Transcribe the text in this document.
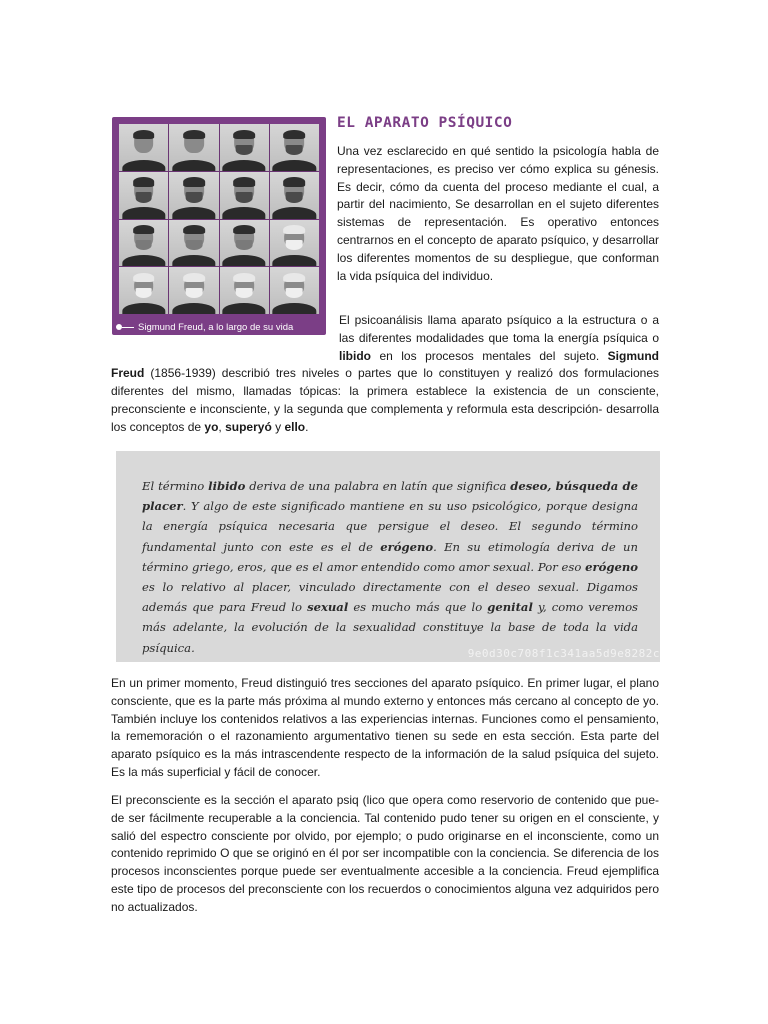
Sigmund Freud, a lo largo de su vida
EL APARATO PSÍQUICO

Una vez esclarecido en qué sentido la psicología habla de representaciones, es preciso ver cómo explica su génesis. Es decir, cómo da cuenta del proceso mediante el cual, a partir del nacimiento, Se desarrollan en el sujeto diferentes sistemas de representación. Es operativo entonces centrarnos en el concepto de aparato psíquico, y desarrollar los diferentes momentos de su despliegue, que conforman la vida psíquica del individuo.

El psicoanálisis llama aparato psíquico a la estructura o a las diferentes modalidades que toma la energía psíquica o libido en los procesos mentales del sujeto. Sigmund Freud (1856-1939) describió tres niveles o partes que lo constituyen y realizó dos formulaciones diferentes del mismo, llamadas tópicas: la primera establece la existencia de un consciente, preconsciente e inconsciente, y la segunda que complementa y reformula esta descripción- desarrolla los conceptos de yo, superyó y ello.

El término libido deriva de una palabra en latín que significa deseo, búsqueda de placer. Y algo de este significado mantiene en su uso psicológico, porque designa la energía psíquica necesaria que persigue el deseo. El segundo término fundamental junto con este es el de erógeno. En su etimología deriva de un término griego, eros, que es el amor entendido como amor sexual. Por eso erógeno es lo relativo al placer, vinculado directamente con el deseo sexual. Digamos además que para Freud lo sexual es mucho más que lo genital y, como veremos más adelante, la evolución de la sexualidad constituye la base de toda la vida psíquica.	9e0d30c708f1c341aa5d9e8282c

En un primer momento, Freud distinguió tres secciones del aparato psíquico. En primer lugar, el plano consciente, que es la parte más próxima al mundo externo y entonces más cercano al concepto de yo. También incluye los contenidos relativos a las experiencias internas. Funciones como el pensamiento, la rememoración o el razonamiento argumentativo tienen su sede en esta sección. Esta parte del aparato psíquico es la más intrascendente respecto de la información de la salud psíquica del sujeto. Es la más superficial y fácil de conocer.

El preconsciente es la sección el aparato psiq (lico que opera como reservorio de contenido que pue- de ser fácilmente recuperable a la conciencia. Tal contenido pudo tener su origen en el consciente, y salió del espectro consciente por olvido, por ejemplo; o pudo originarse en el inconsciente, como un contenido reprimido O que se originó en él por ser incompatible con la conciencia. Se diferencia de los procesos inconscientes porque puede ser eventualmente accesible a la conciencia. Freud ejemplifica este tipo de procesos del preconsciente con los recuerdos o conocimientos alguna vez adquiridos pero no actualizados.
